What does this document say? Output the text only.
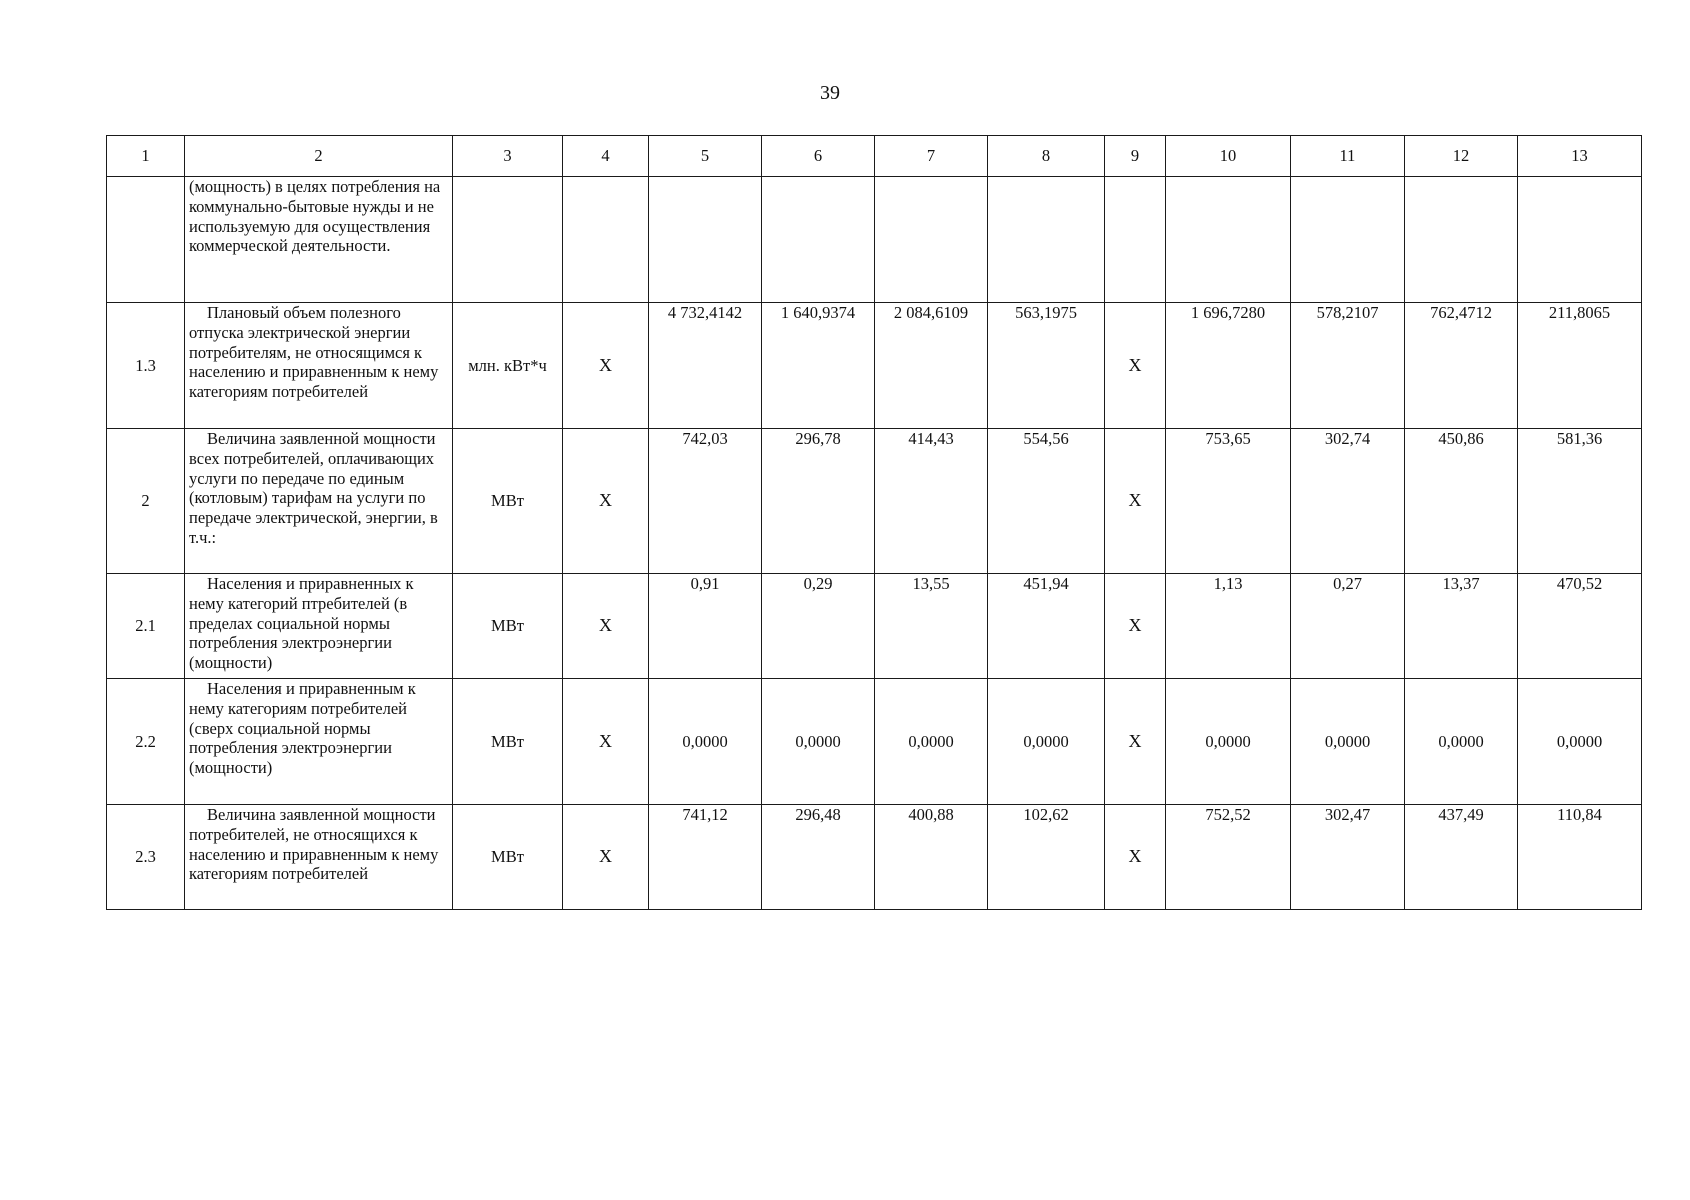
39
1	2	3	4	5	6	7	8	9	10	11	12	13
	(мощность) в целях потребления на коммунально-бытовые нужды и не используемую для осуществления коммерческой деятельности.											
1.3	Плановый объем полезного отпуска электрической энергии потребителям, не относящимся к населению и приравненным к нему категориям потребителей	млн. кВт*ч	X	4 732,4142	1 640,9374	2 084,6109	563,1975	X	1 696,7280	578,2107	762,4712	211,8065
2	Величина заявленной мощности всех потребителей, оплачивающих услуги по передаче по единым (котловым) тарифам на услуги по передаче электрической, энергии, в т.ч.:	МВт	X	742,03	296,78	414,43	554,56	X	753,65	302,74	450,86	581,36
2.1	Населения и приравненных к нему категорий птребителей (в пределах социальной нормы потребления электроэнергии (мощности)	МВт	X	0,91	0,29	13,55	451,94	X	1,13	0,27	13,37	470,52
2.2	Населения и приравненным к нему категориям потребителей (сверх социальной нормы потребления электроэнергии (мощности)	МВт	X	0,0000	0,0000	0,0000	0,0000	X	0,0000	0,0000	0,0000	0,0000
2.3	Величина заявленной мощности потребителей, не относящихся к населению и приравненным к нему категориям потребителей	МВт	X	741,12	296,48	400,88	102,62	X	752,52	302,47	437,49	110,84
